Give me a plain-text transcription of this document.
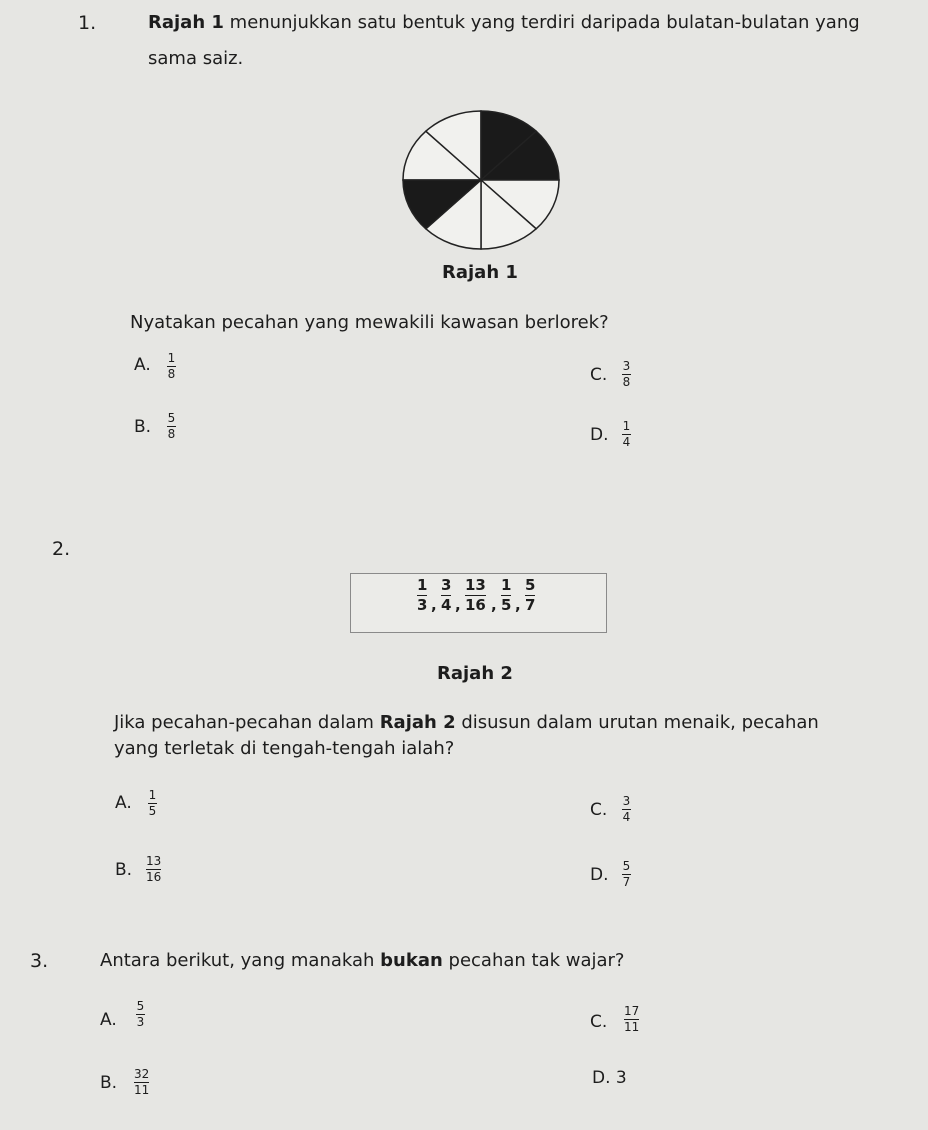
1.	Rajah 1 menunjukkan satu bentuk yang terdiri daripada bulatan-bulatan yang
sama saiz.
Rajah 1
Nyatakan pecahan yang mewakili kawasan berlorek?
A. 1
8
B. 5
8
C. 3
8
D. 1
4
2.
1
3 ,
3
4 ,
13
16 ,
1
5 ,
5
7
Rajah 2
Jika pecahan-pecahan dalam Rajah 2 disusun dalam urutan menaik, pecahan
yang terletak di tengah-tengah ialah?
A. 1
5
B. 13
16
C. 3
4
D. 5
7
3.	Antara berikut, yang manakah bukan pecahan tak wajar?
A.
5
3
B. 32
11
C.
17
11
D. 3
